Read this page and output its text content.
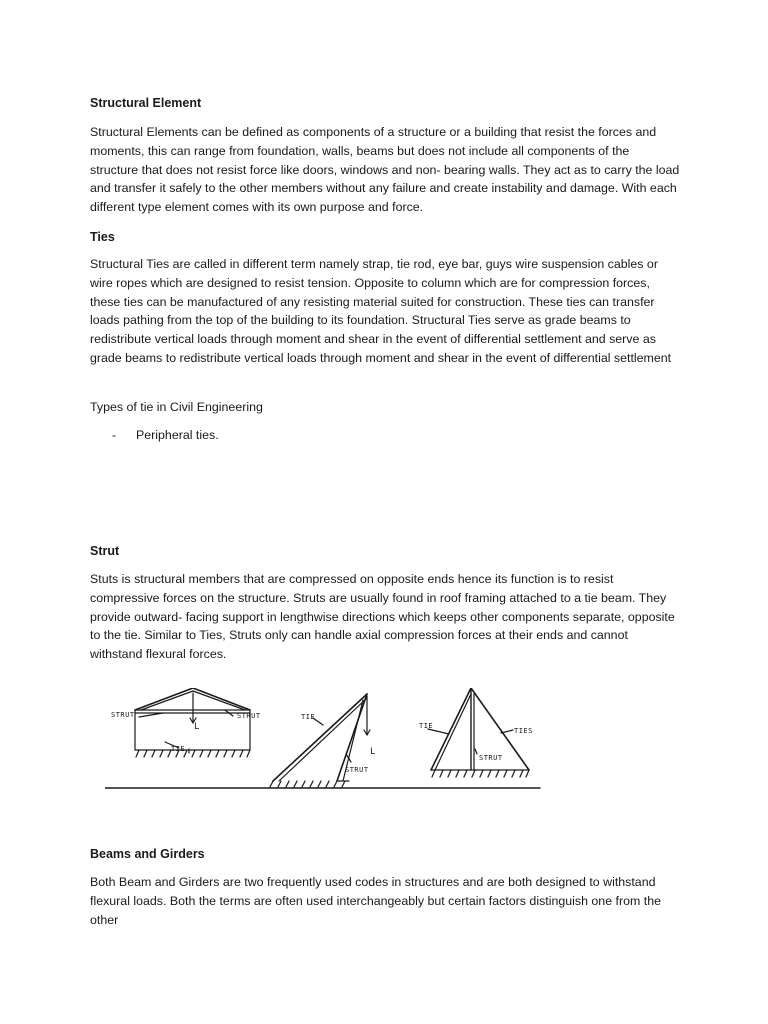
Structural Element

Structural Elements can be defined as components of a structure or a building that resist the forces and moments, this can range from foundation, walls, beams but does not include all components of the structure that does not resist force like doors, windows and non- bearing walls. They act as to carry the load and transfer it safely to the other members without any failure and create instability and damage. With each different type element comes with its own purpose and force.

Ties

Structural Ties are called in different term namely strap, tie rod, eye bar, guys wire suspension cables or wire ropes which are designed to resist tension. Opposite to column which are for compression forces, these ties can be manufactured of any resisting material suited for construction. These ties can transfer loads pathing from the top of the building to its foundation. Structural Ties serve as grade beams to redistribute vertical loads through moment and shear in the event of differential settlement and serve as grade beams to redistribute vertical loads through moment and shear in the event of differential settlement

Types of tie in Civil Engineering

- Peripheral ties.

Strut

Stuts is structural members that are compressed on opposite ends hence its function is to resist compressive forces on the structure. Struts are usually found in roof framing attached to a tie beam. They provide outward- facing support in lengthwise directions which keeps other components separate, opposite to the tie. Similar to Ties, Struts only can handle axial compression forces at their ends and cannot withstand flexural forces.

Beams and Girders

Both Beam and Girders are two frequently used codes in structures and are both designed to withstand flexural loads. Both the terms are often used interchangeably but certain factors distinguish one from the other

STRUT	STRUT
L
TIE
TIE
L
STRUT
TIE
TIES
STRUT
